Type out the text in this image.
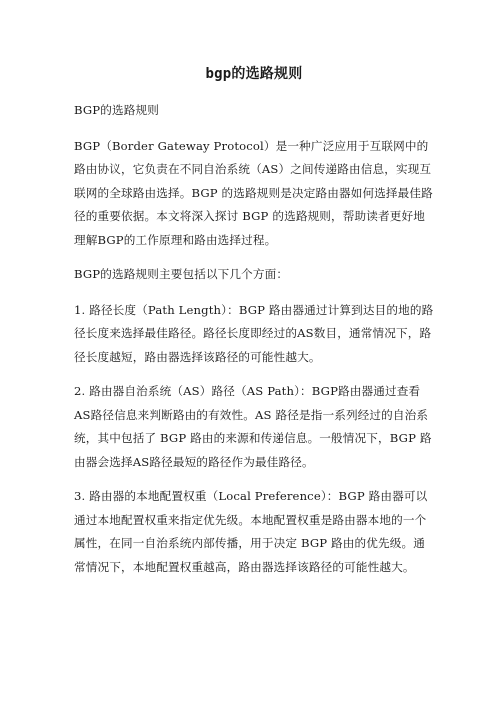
bgp的选路规则

BGP的选路规则

BGP（Border Gateway Protocol）是一种广泛应用于互联网中的路由协议，它负责在不同自治系统（AS）之间传递路由信息，实现互联网的全球路由选择。BGP 的选路规则是决定路由器如何选择最佳路径的重要依据。本文将深入探讨 BGP 的选路规则，帮助读者更好地理解BGP的工作原理和路由选择过程。

BGP的选路规则主要包括以下几个方面：

1. 路径长度（Path Length）：BGP 路由器通过计算到达目的地的路径长度来选择最佳路径。路径长度即经过的AS数目，通常情况下，路径长度越短，路由器选择该路径的可能性越大。

2. 路由器自治系统（AS）路径（AS Path）：BGP路由器通过查看AS路径信息来判断路由的有效性。AS 路径是指一系列经过的自治系统，其中包括了 BGP 路由的来源和传递信息。一般情况下，BGP 路由器会选择AS路径最短的路径作为最佳路径。

3. 路由器的本地配置权重（Local Preference）：BGP 路由器可以通过本地配置权重来指定优先级。本地配置权重是路由器本地的一个属性，在同一自治系统内部传播，用于决定 BGP 路由的优先级。通常情况下，本地配置权重越高，路由器选择该路径的可能性越大。
